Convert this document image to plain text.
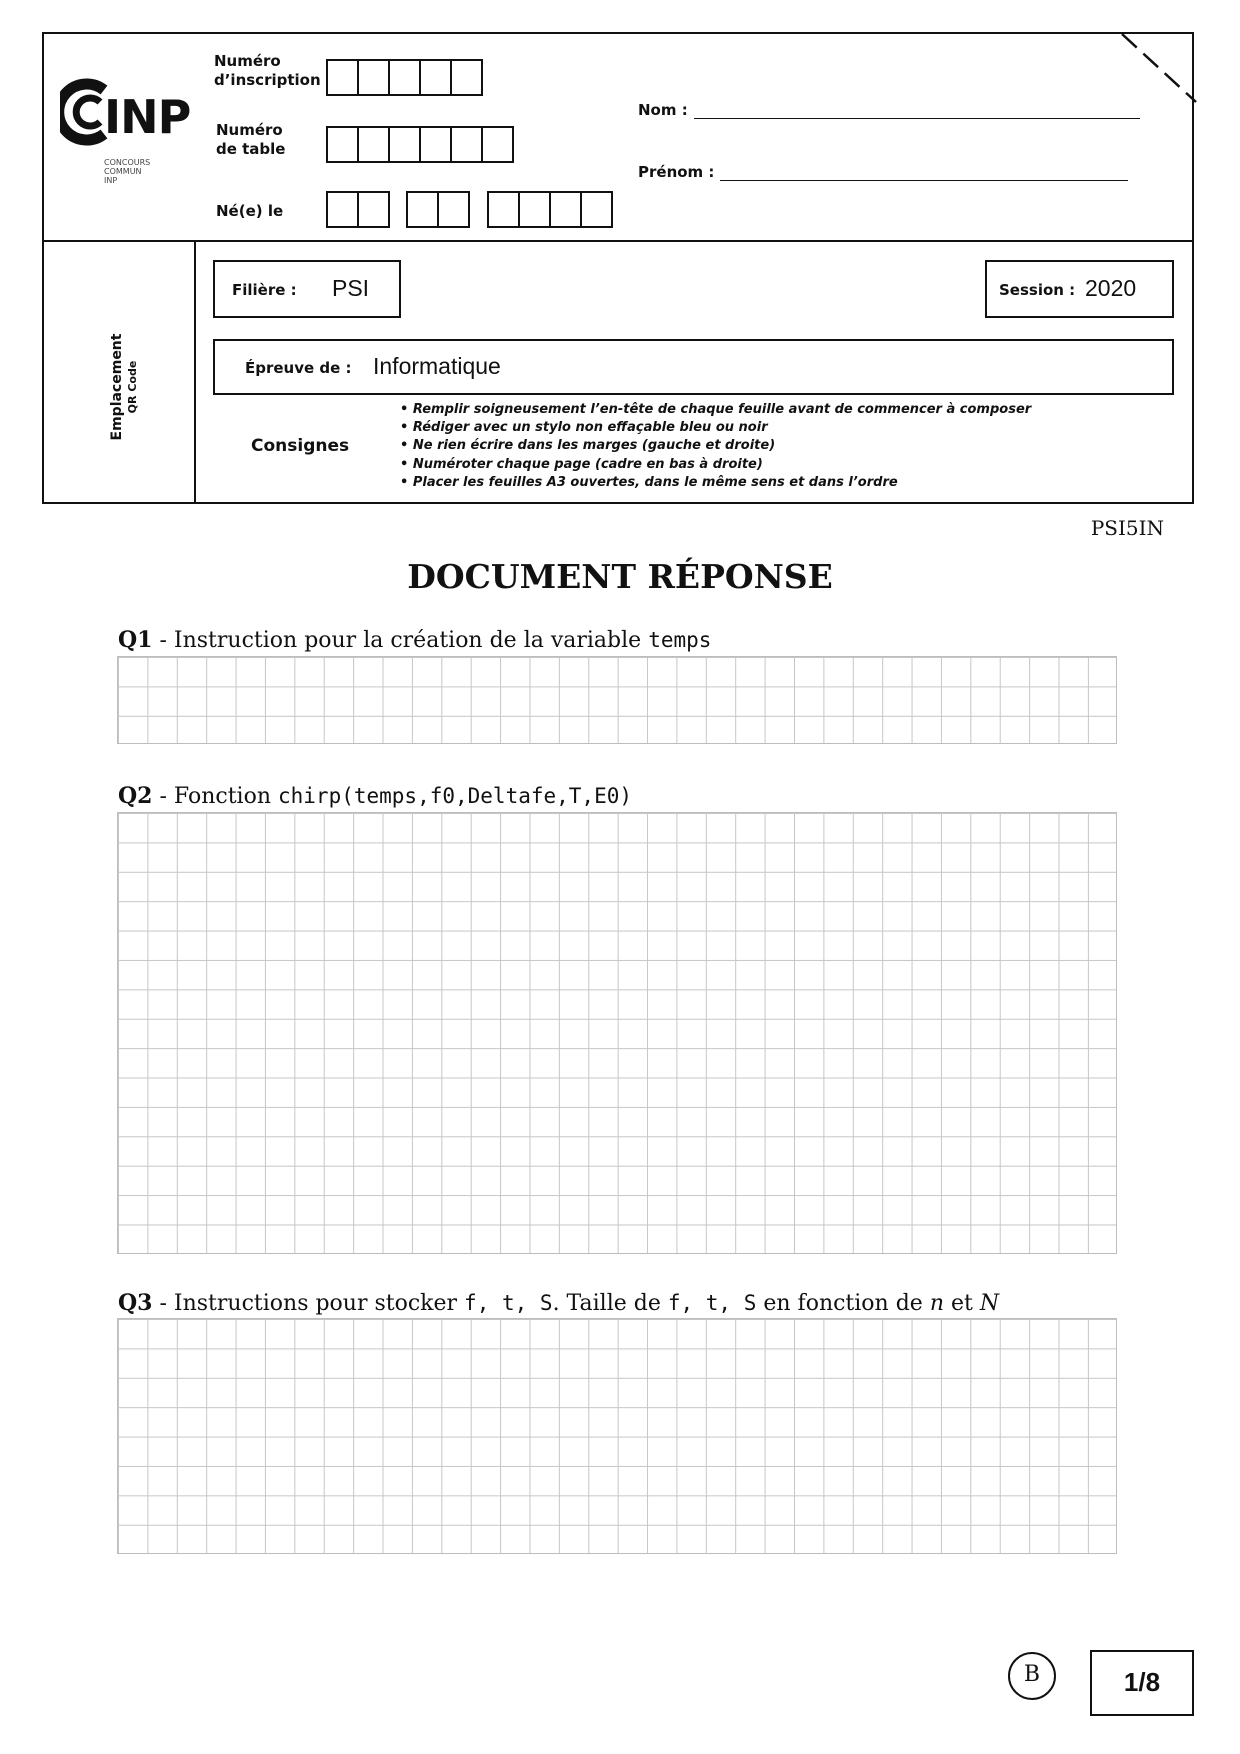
INP
CONCOURS
COMMUN
INP
Numéro
d’inscription
Numéro
de table
Né(e) le
Nom :
Prénom :
Emplacement QR Code
Filière : PSI	Session : 2020
Épreuve de : Informatique
Consignes
• Remplir soigneusement l’en-tête de chaque feuille avant de commencer à composer
• Rédiger avec un stylo non effaçable bleu ou noir
• Ne rien écrire dans les marges (gauche et droite)
• Numéroter chaque page (cadre en bas à droite)
• Placer les feuilles A3 ouvertes, dans le même sens et dans l’ordre
PSI5IN
DOCUMENT RÉPONSE
Q1 - Instruction pour la création de la variable temps
Q2 - Fonction chirp(temps,f0,Deltafe,T,E0)
Q3 - Instructions pour stocker f, t, S. Taille de f, t, S en fonction de n et N
B	1/8
